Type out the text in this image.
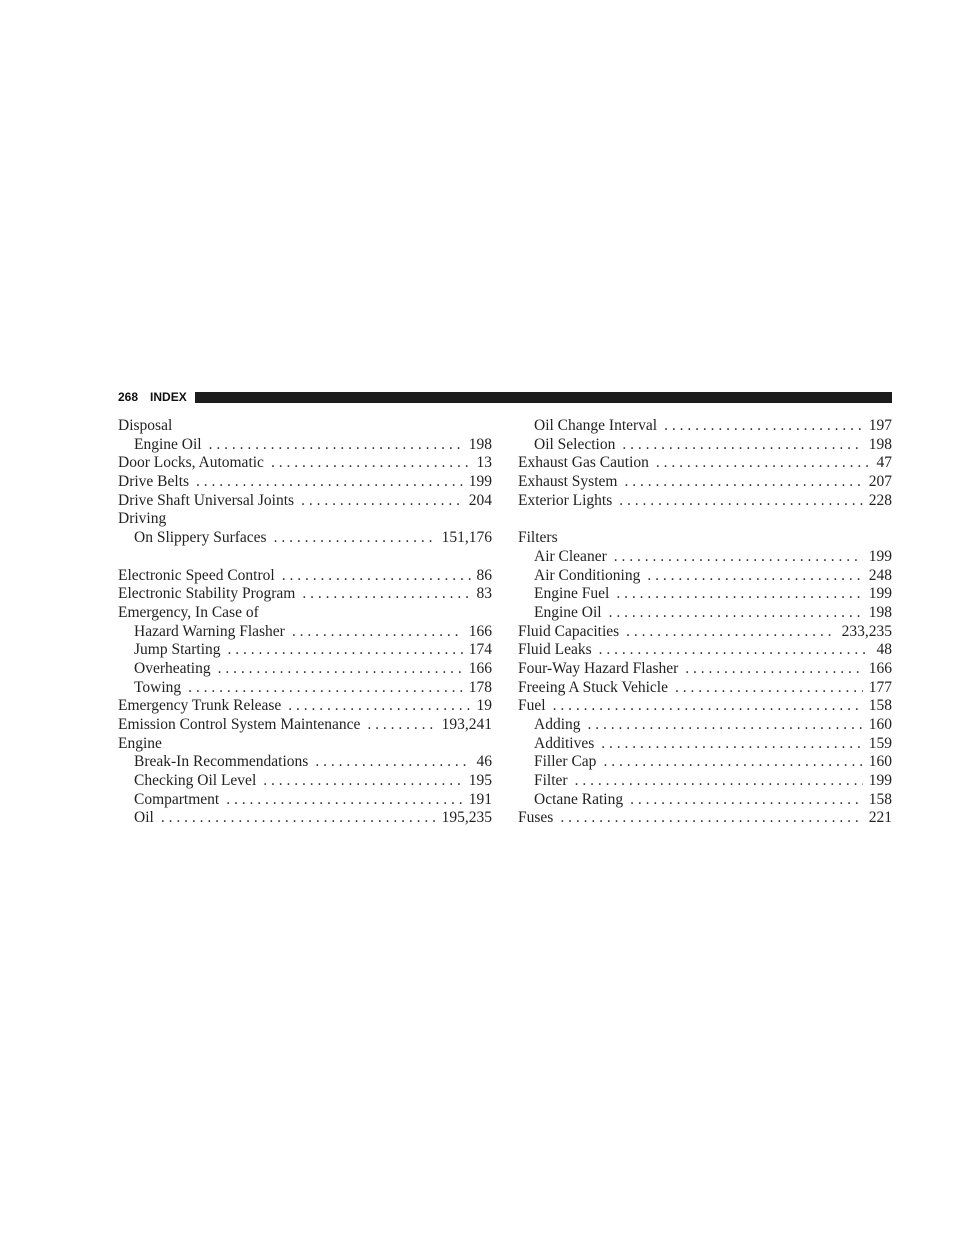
268 INDEX
Disposal
Engine Oil . . .	198
Door Locks, Automatic . . .	13
Drive Belts . . .	199
Drive Shaft Universal Joints . . .	204
Driving
On Slippery Surfaces . . .	151,176
Electronic Speed Control . . .	86
Electronic Stability Program . . .	83
Emergency, In Case of
Hazard Warning Flasher . . .	166
Jump Starting . . .	174
Overheating . . .	166
Towing . . .	178
Emergency Trunk Release . . .	19
Emission Control System Maintenance . . .	193,241
Engine
Break-In Recommendations . . .	46
Checking Oil Level . . .	195
Compartment . . .	191
Oil . . .	195,235
Oil Change Interval . . .	197
Oil Selection . . .	198
Exhaust Gas Caution . . .	47
Exhaust System . . .	207
Exterior Lights . . .	228
Filters
Air Cleaner . . .	199
Air Conditioning . . .	248
Engine Fuel . . .	199
Engine Oil . . .	198
Fluid Capacities . . .	233,235
Fluid Leaks . . .	48
Four-Way Hazard Flasher . . .	166
Freeing A Stuck Vehicle . . .	177
Fuel . . .	158
Adding . . .	160
Additives . . .	159
Filler Cap . . .	160
Filter . . .	199
Octane Rating . . .	158
Fuses . . .	221
